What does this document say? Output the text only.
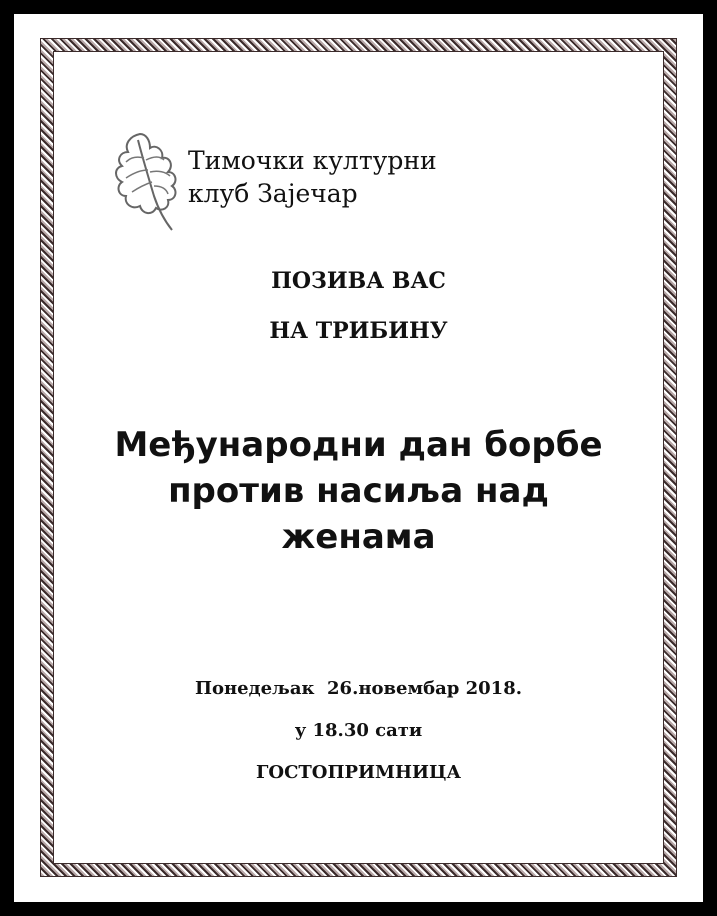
Тимочки културни
клуб Зајечар

ПОЗИВА ВАС

НА ТРИБИНУ

Међународни дан борбе
против насиља над
женама

Понедељак  26.новембар 2018.

у 18.30 сати

ГОСТОПРИМНИЦА
